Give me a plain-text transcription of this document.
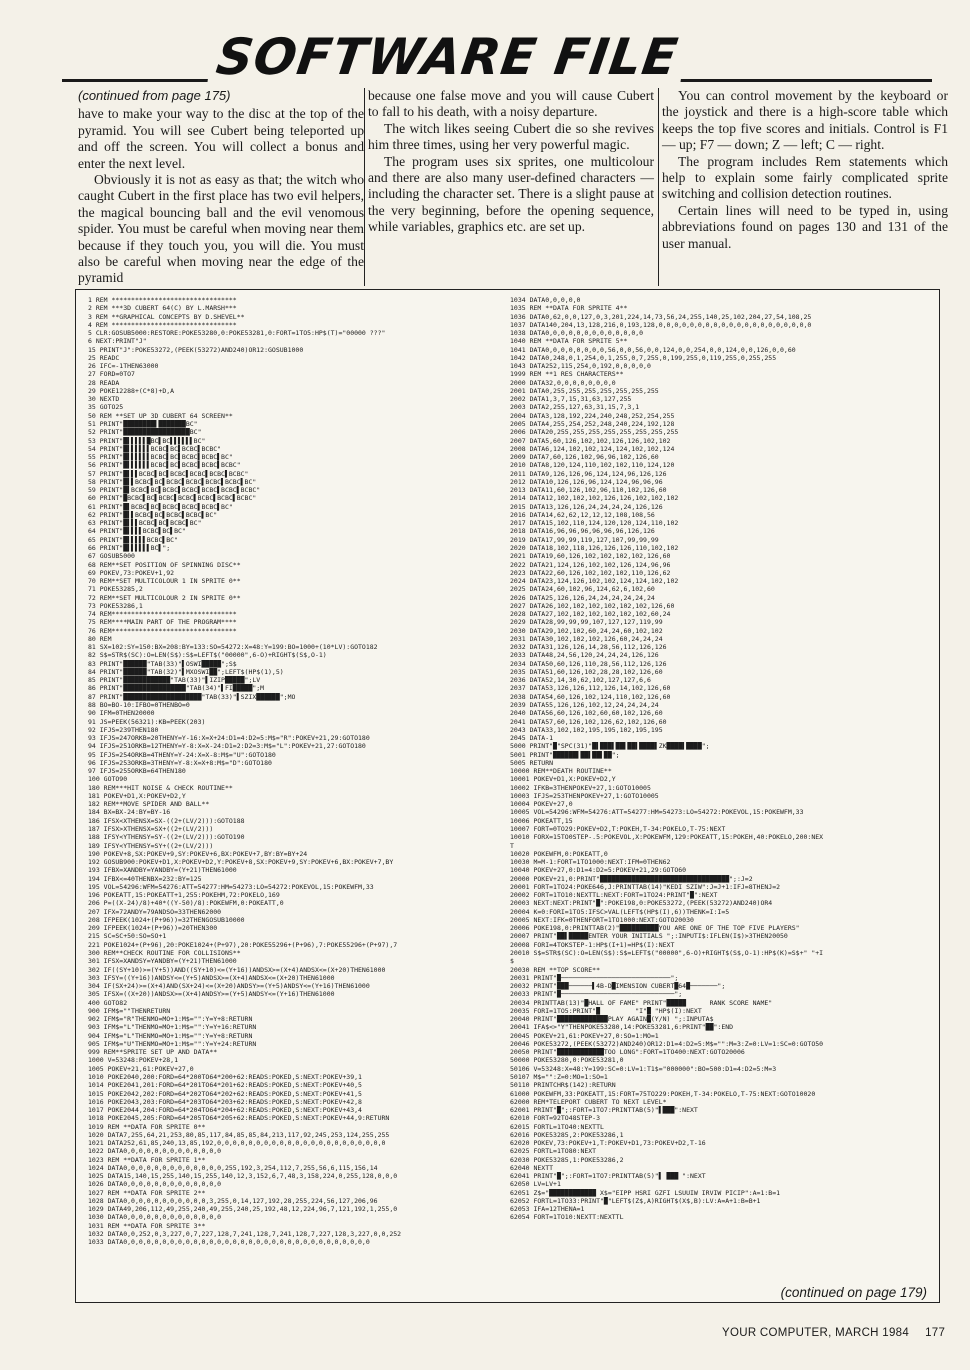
SOFTWARE FILE

(continued from page 175)

have to make your way to the disc at the top of the pyramid. You will see Cubert being teleported up and off the screen. You will collect a bonus and enter the next level.

Obviously it is not as easy as that; the witch who caught Cubert in the first place has two evil helpers, the magical bouncing ball and the evil venomous spider. You must be careful when moving near them because if they touch you, you will die. You must also be careful when moving near the edge of the pyramid

because one false move and you will cause Cubert to fall to his death, with a noisy departure.

The witch likes seeing Cubert die so she revives him three times, using her very powerful magic.

The program uses six sprites, one multicolour and there are also many user-defined characters — including the character set. There is a slight pause at the very beginning, before the opening sequence, while variables, graphics etc. are set up.

You can control movement by the keyboard or the joystick and there is a high-score table which keeps the top five scores and initials. Control is F1 — up; F7 — down; Z — left; C — right.

The program includes Rem statements which help to explain some fairly complicated sprite switching and collision detection routines.

Certain lines will need to be typed in, using abbreviations found on pages 130 and 131 of the user manual.

1 REM ********************************
2 REM ***3D CUBERT 64(C) BY L.MARSH***
3 REM **GRAPHICAL CONCEPTS BY D.SHEVEL**
4 REM ********************************
5 CLR:GOSUB5000:RESTORE:POKE53280,0:POKE53281,0:FORT=1TO5:HP$(T)="00000 ???"
6 NEXT:PRINT"J"
15 PRINT"J":POKE53272,(PEEK(53272)AND240)OR12:GOSUB1000
25 READC
26 IFC=-1THEN63000
27 FORD=0TO7
28 READA
29 POKE12288+(C*8)+D,A
30 NEXTD
35 GOTO25
50 REM **SET UP 3D CUBERT 64 SCREEN**
51 PRINT"████████▌███████BC"
52 PRINT"█████████████████BC"
53 PRINT"█▌▌▌▌▌█BC▌BC▌▌▌▌▌▌BC"
54 PRINT"█▌▌▌▌▌▌BCBC▌BC▌BCBC▌BCBC"
55 PRINT"█▌▌▌▌▌▌BCBC▌BC▌BCBC▌BCBC▌BC"
56 PRINT"█▌▌▌▌▌▌BCBC▌BC▌BCBC▌BCBC▌BCBC"
57 PRINT"█▌▌▌BCBC▌BC▌BCBC▌BCBC▌BCBC▌BCBC"
58 PRINT"█▌▌BCBC▌BC▌BCBC▌BCBC▌BCBC▌BCBC▌BC"
59 PRINT"█▌BCBC▌BC▌BCBC▌BCBC▌BCBC▌BCBC▌BCBC"
60 PRINT"█BCBC▌BC▌BCBC▌BCBC▌BCBC▌BCBC▌BCBC"
61 PRINT"█▌BCBC▌BC▌BCBC▌BCBC▌BCBC▌BC"
62 PRINT"█▌▌BCBC▌BC▌BCBC▌BCBC▌BC"
63 PRINT"█▌▌▌BCBC▌BC▌BCBC▌BC"
64 PRINT"█▌▌▌▌BCBC▌BC▌BC"
65 PRINT"█▌▌▌▌▌BCBC▌BC"
66 PRINT"█▌▌▌▌▌▌BC▌";
67 GOSUB5000
68 REM**SET POSITION OF SPINNING DISC**
69 POKEV,73:POKEV+1,92
70 REM**SET MULTICOLOUR 1 IN SPRITE 0**
71 POKE53285,2
72 REM**SET MULTICOLOUR 2 IN SPRITE 0**
73 POKE53286,1
74 REM********************************
75 REM****MAIN PART OF THE PROGRAM****
76 REM********************************
80 REM
81 SX=102:SY=150:BX=208:BY=133:SO=54272:X=48:Y=199:BO=1000+(10*LV):GOTO182
82 S$=STR$(SC):O=LEN(S$):S$=LEFT$("00000",6-O)+RIGHT$(S$,O-1)
83 PRINT"██████"TAB(33)"▌OSWI█████";S$
84 PRINT"██████"TAB(32)"▌MXOSWI██";LEFT$(HP$(1),5)
85 PRINT"████████████"TAB(33)"▌IZIP█████";LV
86 PRINT"████████████████"TAB(34)"▌FI█████";M
87 PRINT"████████████████████"TAB(33)"▌SZIX██████";MO
88 BO=BO-10:IFBO=0THENBO=0
90 IFM=0THEN20000
91 JS=PEEK(56321):KB=PEEK(203)
92 IFJS=239THEN180
93 IFJS=247ORKB=20THENY=Y-16:X=X+24:D1=4:D2=5:M$="R":POKEV+21,29:GOTO180
94 IFJS=251ORKB=12THENY=Y-8:X=X-24:D1=2:D2=3:M$="L":POKEV+21,27:GOTO180
95 IFJS=254ORKB=4THENY=Y-24:X=X-8:M$="U":GOTO180
96 IFJS=253ORKB=3THENY=Y-8:X=X+8:M$="D":GOTO180
97 IFJS=255ORKB=64THEN180
100 GOTO90
180 REM***HIT NOISE & CHECK ROUTINE**
181 POKEV+D1,X:POKEV+D2,Y
182 REM**MOVE SPIDER AND BALL**
184 BX=BX-24:BY=BY-16
186 IFSX<XTHENSX=SX-((2+(LV/2))):GOTO188
187 IFSX>XTHENSX=SX+((2+(LV/2)))
188 IFSY<YTHENSY=SY-((2+(LV/2))):GOTO190
189 IFSY<YTHENSY=SY+((2+(LV/2)))
190 POKEV+8,SX:POKEV+9,SY:POKEV+6,BX:POKEV+7,BY:BY=BY+24
192 GOSUB900:POKEV+D1,X:POKEV+D2,Y:POKEV+8,SX:POKEV+9,SY:POKEV+6,BX:POKEV+7,BY
193 IFBX=XANDBY=YANDBY=(Y+21)THEN61000
194 IFBX<=40THENBX=232:BY=125
195 VOL=54296:WFM=54276:ATT=54277:HM=54273:LO=54272:POKEVOL,15:POKEWFM,33
196 POKEATT,15:POKEATT+1,255:POKEHM,72:POKELO,169
206 P=((X-24)/8)+40*((Y-50)/8):POKEWFM,0:POKEATT,0
207 IFX=72ANDY=79ANDSO=33THEN62000
208 IFPEEK(1024+(P+96))=32THENGOSUB10000
209 IFPEEK(1024+(P+96))=20THEN300
215 SC=SC+50:SO=SO+1
221 POKE1024+(P+96),20:POKE1024+(P+97),20:POKE55296+(P+96),7:POKE55296+(P+97),7
300 REM**CHECK ROUTINE FOR COLLISIONS**
301 IFSX=XANDSY=YANDBY=(Y+21)THEN61000
302 IF((SY+10)>=(Y+5))AND((SY+10)<=(Y+16))ANDSX>=(X+4)ANDSX<=(X+20)THEN61000
303 IFSY=((Y+16))ANDSY<=(Y+5)ANDSX>=(X+4)ANDSX<=(X+20)THEN61000
304 IF(SX+24)>=(X+4)AND(SX+24)<=(X+20)ANDSY>=(Y+5)ANDSY<=(Y+16)THEN61000
305 IFSX=((X+20))ANDSX>=(X+4)ANDSY>=(Y+5)ANDSY<=(Y+16)THEN61000
400 GOTO82
900 IFM$=""THENRETURN
902 IFM$="R"THENMO=MO+1:M$="":Y=Y+8:RETURN
903 IFM$="L"THENMO=MO+1:M$="":Y=Y+16:RETURN
904 IFM$="L"THENMO=MO+1:M$="":Y=Y+8:RETURN
905 IFM$="U"THENMO=MO+1:M$="":Y=Y+24:RETURN
999 REM**SPRITE SET UP AND DATA**
1000 V=53248:POKEV+28,1
1005 POKEV+21,61:POKEV+27,0
1010 POKE2040,200:FORD=64*200TO64*200+62:READS:POKED,S:NEXT:POKEV+39,1
1014 POKE2041,201:FORD=64*201TO64*201+62:READS:POKED,S:NEXT:POKEV+40,5
1015 POKE2042,202:FORD=64*202TO64*202+62:READS:POKED,S:NEXT:POKEV+41,5
1016 POKE2043,203:FORD=64*203TO64*203+62:READS:POKED,S:NEXT:POKEV+42,8
1017 POKE2044,204:FORD=64*204TO64*204+62:READS:POKED,S:NEXT:POKEV+43,4
1018 POKE2045,205:FORD=64*205TO64*205+62:READS:POKED,S:NEXT:POKEV+44,9:RETURN
1019 REM **DATA FOR SPRITE 0**
1020 DATA7,255,64,21,253,80,85,117,84,85,85,84,213,117,92,245,253,124,255,255
1021 DATA252,61,85,240,13,85,192,0,0,0,0,0,0,0,0,0,0,0,0,0,0,0,0,0,0,0,0,0,0
1022 DATA0,0,0,0,0,0,0,0,0,0,0,0,0
1023 REM **DATA FOR SPRITE 1**
1024 DATA0,0,0,0,0,0,0,0,0,0,0,0,0,255,192,3,254,112,7,255,56,6,115,156,14
1025 DATA15,140,15,255,140,15,255,140,12,3,152,6,7,48,3,158,224,0,255,128,0,0,0
1026 DATA0,0,0,0,0,0,0,0,0,0,0,0,0
1027 REM **DATA FOR SPRITE 2**
1028 DATA0,0,0,0,0,0,0,0,0,0,0,3,255,0,14,127,192,28,255,224,56,127,206,96
1029 DATA49,206,112,49,255,240,49,255,240,25,192,48,12,224,96,7,121,192,1,255,0
1030 DATA0,0,0,0,0,0,0,0,0,0,0,0,0
1031 REM **DATA FOR SPRITE 3**
1032 DATA0,0,252,0,3,227,0,7,227,128,7,241,128,7,241,128,7,227,128,3,227,0,0,252
1033 DATA0,0,0,0,0,0,0,0,0,0,0,0,0,0,0,0,0,0,0,0,0,0,0,0,0,0,0,0,0,0,0,0
1034 DATA0,0,0,0,0
1035 REM **DATA FOR SPRITE 4**
1036 DATA0,62,0,0,127,0,3,201,224,14,73,56,24,255,140,25,102,204,27,54,108,25
1037 DATA140,204,13,128,216,0,193,128,0,0,0,0,0,0,0,0,0,0,0,0,0,0,0,0,0,0,0,0
1038 DATA0,0,0,0,0,0,0,0,0,0,0,0,0
1040 REM **DATA FOR SPRITE 5**
1041 DATA0,0,0,0,0,0,0,0,56,0,0,56,0,0,124,0,0,254,0,0,124,0,0,126,0,0,60
1042 DATA0,248,0,1,254,0,1,255,0,7,255,0,199,255,0,119,255,0,255,255
1043 DATA252,115,254,0,192,0,0,0,0,0
1999 REM **1 RES CHARACTERS**
2000 DATA32,0,0,0,0,0,0,0,0
2001 DATA0,255,255,255,255,255,255,255
2002 DATA1,3,7,15,31,63,127,255
2003 DATA2,255,127,63,31,15,7,3,1
2004 DATA3,128,192,224,240,248,252,254,255
2005 DATA4,255,254,252,248,240,224,192,128
2006 DATA20,255,255,255,255,255,255,255,255
2007 DATA5,60,126,102,102,126,126,102,102
2008 DATA6,124,102,102,124,124,102,102,124
2009 DATA7,60,126,102,96,96,102,126,60
2010 DATA8,120,124,110,102,102,110,124,120
2011 DATA9,126,126,96,124,124,96,126,126
2012 DATA10,126,126,96,124,124,96,96,96
2013 DATA11,60,126,102,96,110,102,126,60
2014 DATA12,102,102,102,126,126,102,102,102
2015 DATA13,126,126,24,24,24,24,126,126
2016 DATA14,62,62,12,12,12,108,108,56
2017 DATA15,102,110,124,120,120,124,110,102
2018 DATA16,96,96,96,96,96,96,126,126
2019 DATA17,99,99,119,127,107,99,99,99
2020 DATA18,102,118,126,126,126,110,102,102
2021 DATA19,60,126,102,102,102,102,126,60
2022 DATA21,124,126,102,102,126,124,96,96
2023 DATA22,60,126,102,102,102,110,126,62
2024 DATA23,124,126,102,102,124,124,102,102
2025 DATA24,60,102,96,124,62,6,102,60
2026 DATA25,126,126,24,24,24,24,24,24
2027 DATA26,102,102,102,102,102,102,126,60
2028 DATA27,102,102,102,102,102,102,60,24
2029 DATA28,99,99,99,107,127,127,119,99
2030 DATA29,102,102,60,24,24,60,102,102
2031 DATA30,102,102,102,126,60,24,24,24
2032 DATA31,126,126,14,28,56,112,126,126
2033 DATA48,24,56,120,24,24,24,126,126
2034 DATA50,60,126,110,28,56,112,126,126
2035 DATA51,60,126,102,28,28,102,126,60
2036 DATA52,14,30,62,102,127,127,6,6
2037 DATA53,126,126,112,126,14,102,126,60
2038 DATA54,60,126,102,124,110,102,126,60
2039 DATA55,126,126,102,12,24,24,24,24
2040 DATA56,60,126,102,60,60,102,126,60
2041 DATA57,60,126,102,126,62,102,126,60
2043 DATA33,102,102,195,195,102,195,195
2045 DATA-1
5000 PRINT"█"SPC(31)"█▌███▌██▌██▌████▌ZK████▌████";
5001 PRINT"██████▌██▌██▌██";
5005 RETURN
10000 REM**DEATH ROUTINE**
10001 POKEV+D1,X:POKEV+D2,Y
10002 IFKB=3THENPOKEV+27,1:GOTO10005
10003 IFJS=253THENPOKEV+27,1:GOTO10005
10004 POKEV+27,0
10005 VOL=54296:WFM=54276:ATT=54277:HM=54273:LO=54272:POKEVOL,15:POKEWFM,33
10006 POKEATT,15
10007 FORT=0TO29:POKEV+D2,T:POKEH,T-34:POKELO,T-75:NEXT
10010 FORX=15TO0STEP-.5:POKEVOL,X:POKEWFM,129:POKEATT,15:POKEH,40:POKELO,200:NEX
T
10020 POKEWFM,0:POKEATT,0
10030 M=M-1:FORT=1TO1000:NEXT:IFM=0THEN62
10040 POKEV+27,0:D1=4:D2=5:POKEV+21,29:GOTO60
20000 POKEV+21,0:PRINT"█████████████████████████████████";:J=2
20001 FORT=1TO24:POKE646,J:PRINTTAB(14)"KEDI SZIW":J=J+1:IFJ=8THENJ=2
20002 FORT=1TO10:NEXTTL:NEXT:FORT=1TO24:PRINT"█":NEXT
20003 NEXT:NEXT:PRINT"█":POKE198,0:POKE53272,(PEEK(53272)AND240)OR4
20004 K=0:FORI=1TO5:IFSC>VAL(LEFT$(HP$(I),6))THENK=I:I=5
20005 NEXT:IFK=0THENFORT=1TO1000:NEXT:GOTO20030
20006 POKE198,0:PRINTTAB(2)"██████████YOU ARE ONE OF THE TOP FIVE PLAYERS"
20007 PRINT"██▌█████ENTER YOUR INITIALS ";:INPUTI$:IFLEN(I$)>3THEN20050
20008 FORI=4TOKSTEP-1:HP$(I+1)=HP$(I):NEXT
20010 S$=STR$(SC):O=LEN(S$):S$=LEFT$("00000",6-O)+RIGHT$(S$,O-1):HP$(K)=S$+" "+I
$
20030 REM **TOP SCORE**
20031 PRINT"█────────────────────────────";
20032 PRINT"███──────▌4B-D█IMENSION CUBERT█64█───────";
20033 PRINT"█─────────────────────────────";
20034 PRINTTAB(13)"█HALL OF FAME" PRINT"█████      RANK SCORE NAME"
20035 FORI=1TO5:PRINT"█         "I"█ "HP$(I):NEXT
20040 PRINT"█████████████PLAY AGAIN█(Y/N) ";:INPUTA$
20041 IFA$<>"Y"THENPOKE53280,14:POKE53281,6:PRINT"██":END
20045 POKEV+21,61:POKEV+27,0:SO=1:MO=1
20046 POKE53272,(PEEK(53272)AND240)OR12:D1=4:D2=5:M$="":M=3:Z=0:LV=1:SC=0:GOTO50
20050 PRINT"████████████TOO LONG":FORT=1TO400:NEXT:GOTO20006
50000 POKE53280,0:POKE53281,0
50106 V=53248:X=48:Y=199:SC=0:LV=1:T1$="000000":BO=500:D1=4:D2=5:M=3
50107 M$="":Z=0:MO=1:SO=1
50110 PRINTCHR$(142):RETURN
61000 POKEWFM,33:POKEATT,15:FORT=75TO229:POKEH,T-34:POKELO,T-75:NEXT:GOTO10020
62000 REM*TELEPORT CUBERT TO NEXT LEVEL*
62001 PRINT"█";:FORT=1TO7:PRINTTAB(5)"▌███":NEXT
62010 FORT=92TO48STEP-3
62015 FORTL=1TO40:NEXTTL
62016 POKE53285,2:POKE53286,1
62020 POKEV,73:POKEV+1,T:POKEV+D1,73:POKEV+D2,T-16
62025 FORTL=1TO80:NEXT
62030 POKE53285,1:POKE53286,2
62040 NEXTT
62041 PRINT"█";:FORT=1TO7:PRINTTAB(5)"▌ ███ ":NEXT
62050 LV=LV+1
62051 Z$="████████████ X$="EIPP HSRI GZFI LSUUIW IRVIW PICIP":A=1:B=1
62052 FORTL=1TO33:PRINT"█"LEFT$(Z$,A)RIGHT$(X$,B):LV:A=A+1:B=B+1
62053 IFA=12THENA=1
62054 FORT=1TO10:NEXTT:NEXTTL
(continued on page 179)
YOUR COMPUTER, MARCH 1984 177
